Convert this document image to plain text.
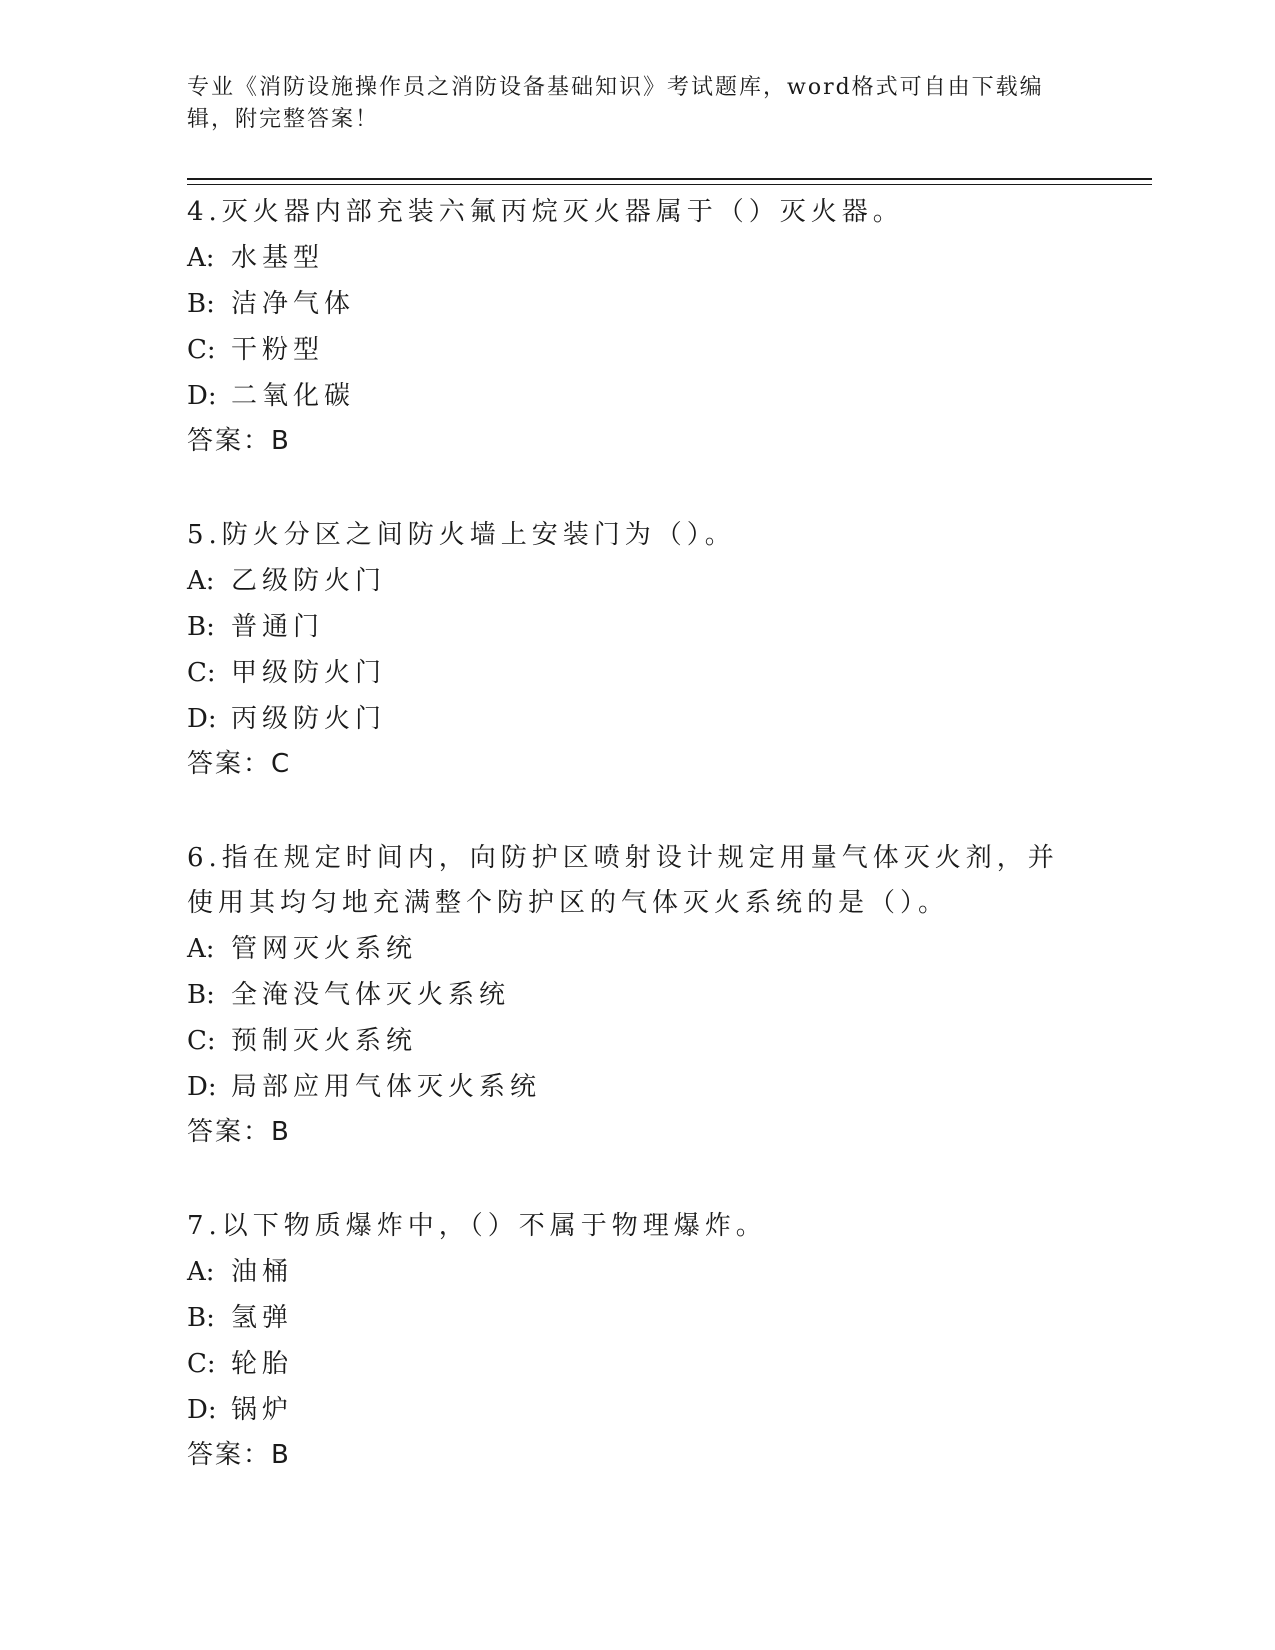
专业《消防设施操作员之消防设备基础知识》考试题库，word格式可自由下载编辑，附完整答案！
4.灭火器内部充装六氟丙烷灭火器属于（）灭火器。
A: 水基型
B: 洁净气体
C: 干粉型
D: 二氧化碳
答案：B
5.防火分区之间防火墙上安装门为（）。
A: 乙级防火门
B: 普通门
C: 甲级防火门
D: 丙级防火门
答案：C
6.指在规定时间内，向防护区喷射设计规定用量气体灭火剂，并使用其均匀地充满整个防护区的气体灭火系统的是（）。
A: 管网灭火系统
B: 全淹没气体灭火系统
C: 预制灭火系统
D: 局部应用气体灭火系统
答案：B
7.以下物质爆炸中，（）不属于物理爆炸。
A: 油桶
B: 氢弹
C: 轮胎
D: 锅炉
答案：B
